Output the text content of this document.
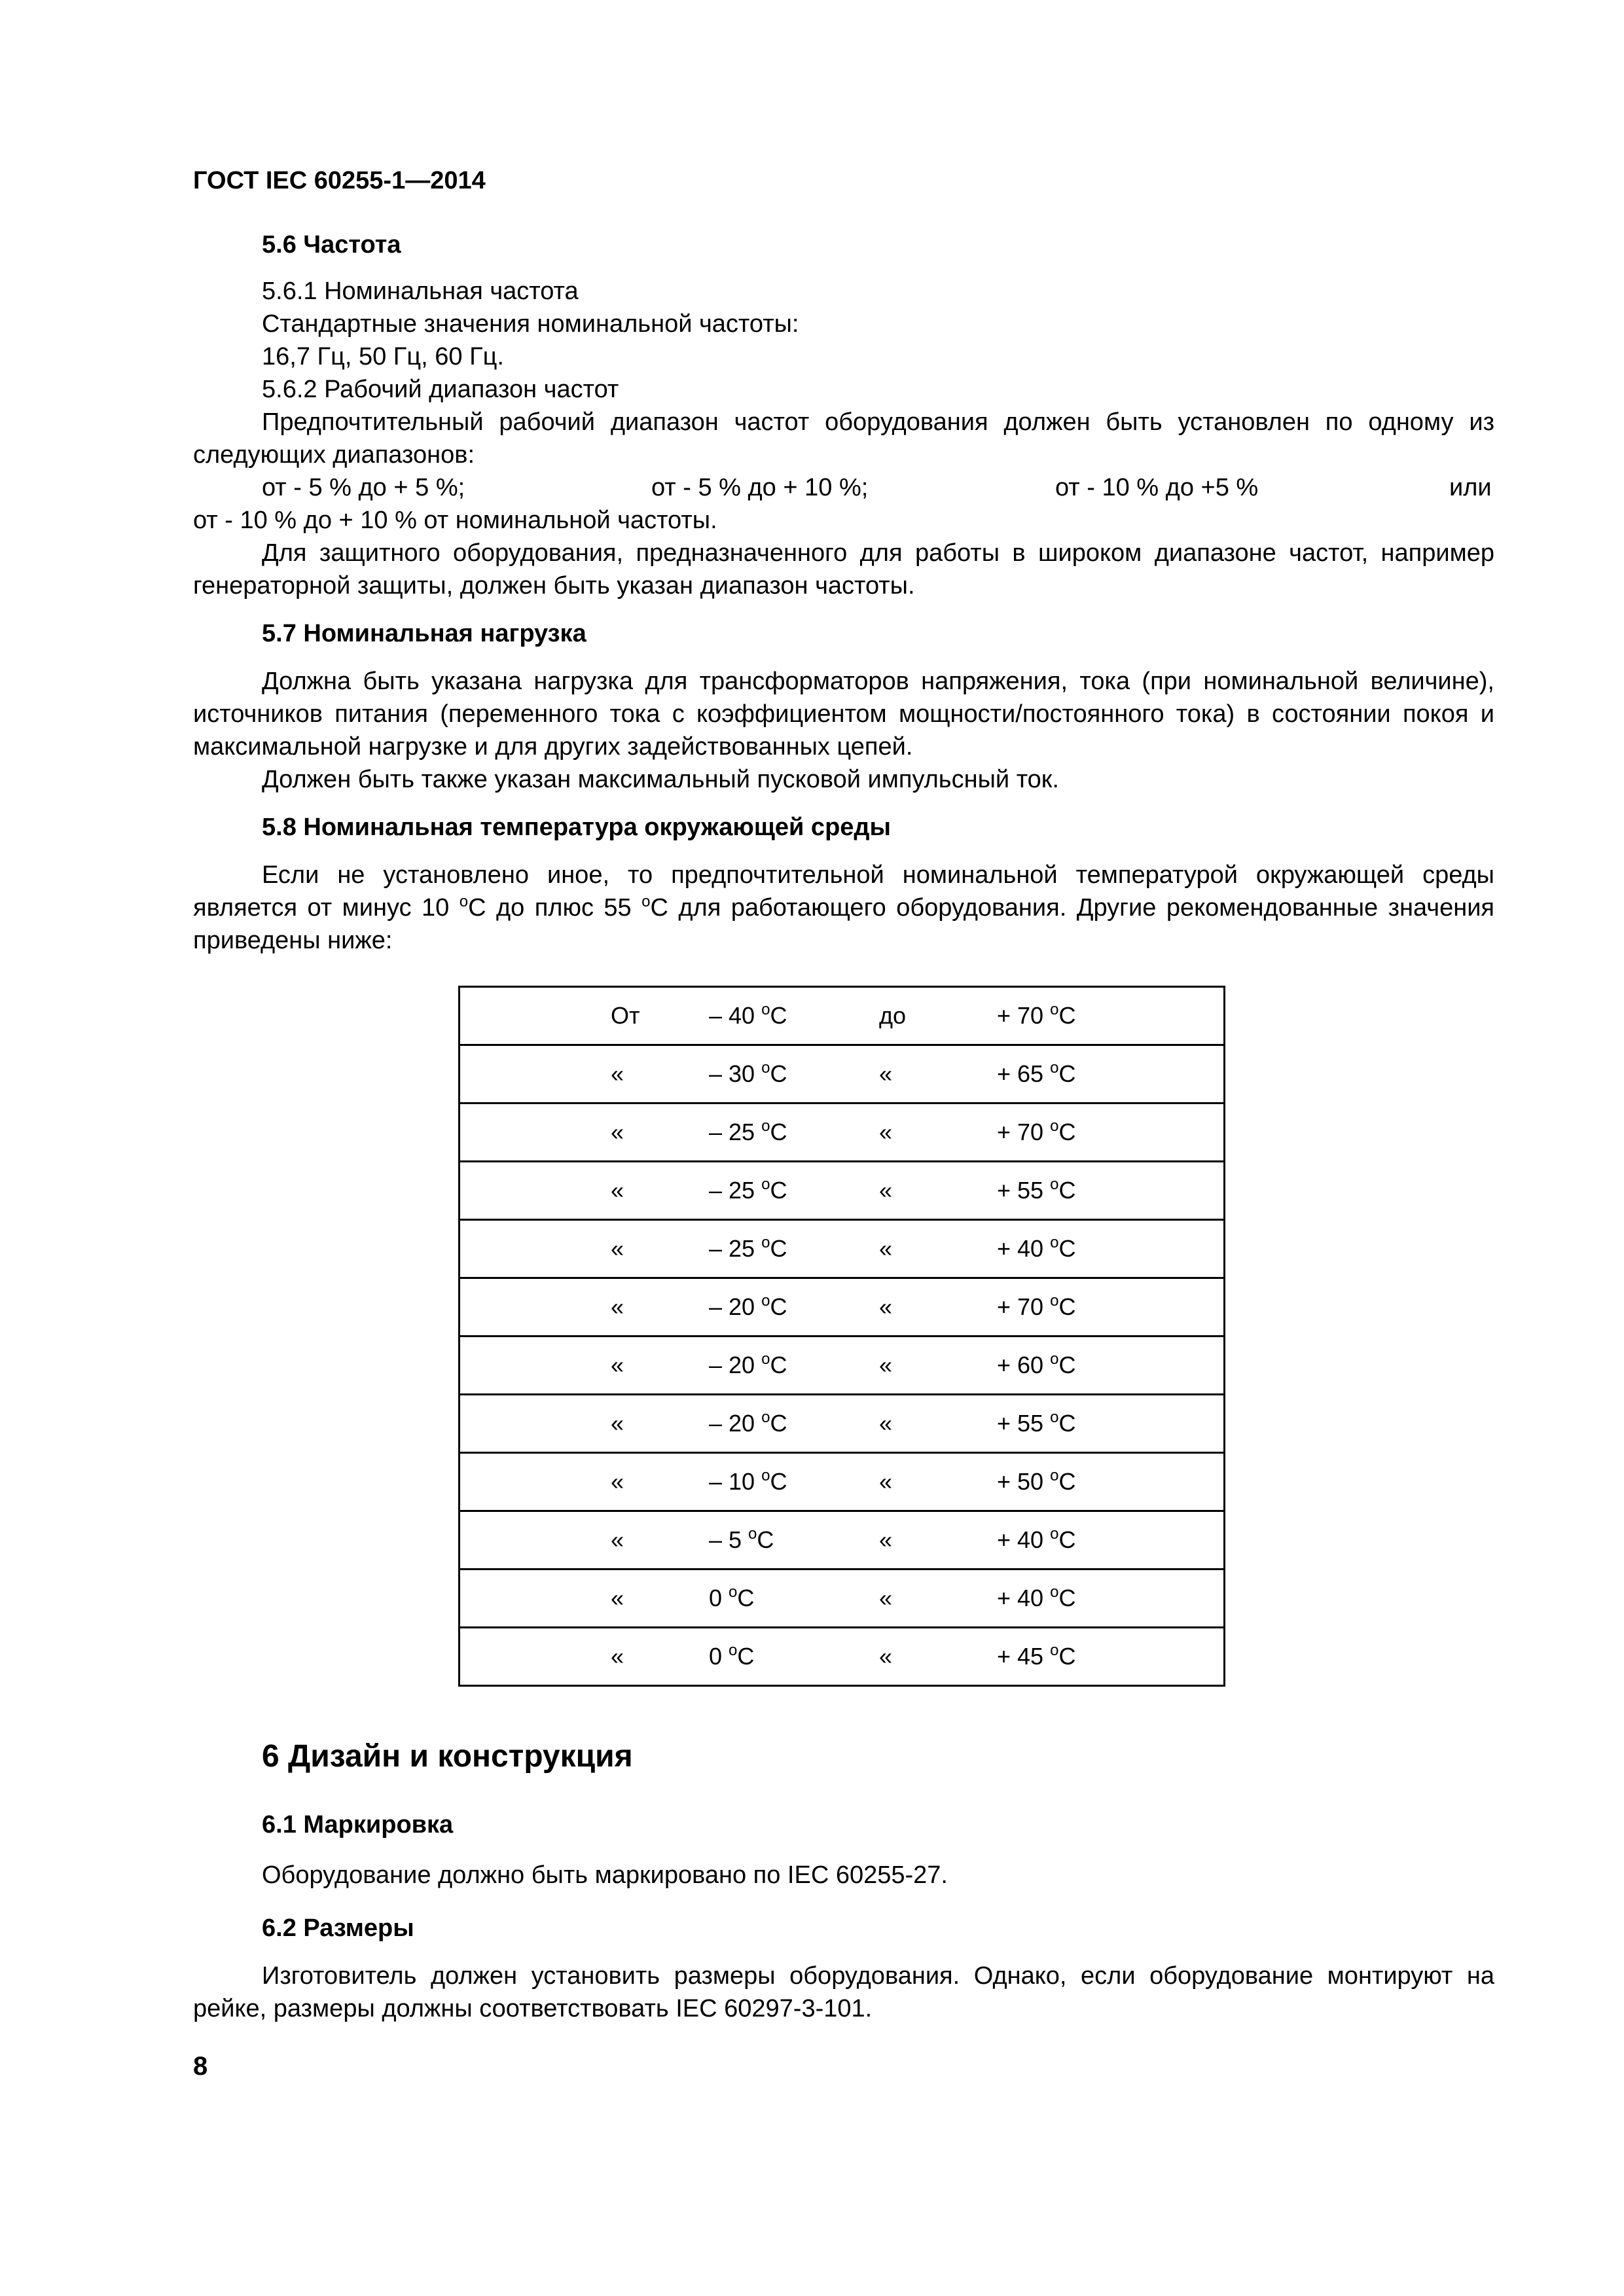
ГОСТ IEC 60255-1—2014
5.6 Частота
5.6.1 Номинальная частота
Стандартные значения номинальной частоты:
16,7 Гц, 50 Гц, 60 Гц.
5.6.2 Рабочий диапазон частот

Предпочтительный рабочий диапазон частот оборудования должен быть установлен по одному из следующих диапазонов:

от - 5 % до + 5 %;	от - 5 % до + 10 %;	от - 10 % до +5 %	или
от - 10 % до + 10 % от номинальной частоты.

Для защитного оборудования, предназначенного для работы в широком диапазоне частот, например генераторной защиты, должен быть указан диапазон частоты.

5.7 Номинальная нагрузка

Должна быть указана нагрузка для трансформаторов напряжения, тока (при номинальной величине), источников питания (переменного тока с коэффициентом мощности/постоянного тока) в состоянии покоя и максимальной нагрузке и для других задействованных цепей.

Должен быть также указан максимальный пусковой импульсный ток.

5.8 Номинальная температура окружающей среды

Если не установлено иное, то предпочтительной номинальной температурой окружающей среды является от минус 10 $^о$С до плюс 55 $^о$С для работающего оборудования. Другие рекомендованные значения приведены ниже:

От	– 40 $^о$С	до	+ 70 $^о$С

«	– 30 $^о$С	«	+ 65 $^о$С

«	– 25 $^о$С	«	+ 70 $^о$С

«	– 25 $^о$С	«	+ 55 $^о$С

«	– 25 $^о$С	«	+ 40 $^о$С

«	– 20 $^о$С	«	+ 70 $^о$С

«	– 20 $^о$С	«	+ 60 $^о$С

«	– 20 $^о$С	«	+ 55 $^о$С

«	– 10 $^о$С	«	+ 50 $^о$С

«	– 5 $^о$С	«	+ 40 $^о$С

«	0 $^о$С	«	+ 40 $^о$С

«	0 $^о$С	«	+ 45 $^о$С
6 Дизайн и конструкция
6.1 Маркировка
Оборудование должно быть маркировано по IEC 60255-27.
6.2 Размеры

Изготовитель должен установить размеры оборудования. Однако, если оборудование монтируют на рейке, размеры должны соответствовать IEC 60297-3-101.

8
